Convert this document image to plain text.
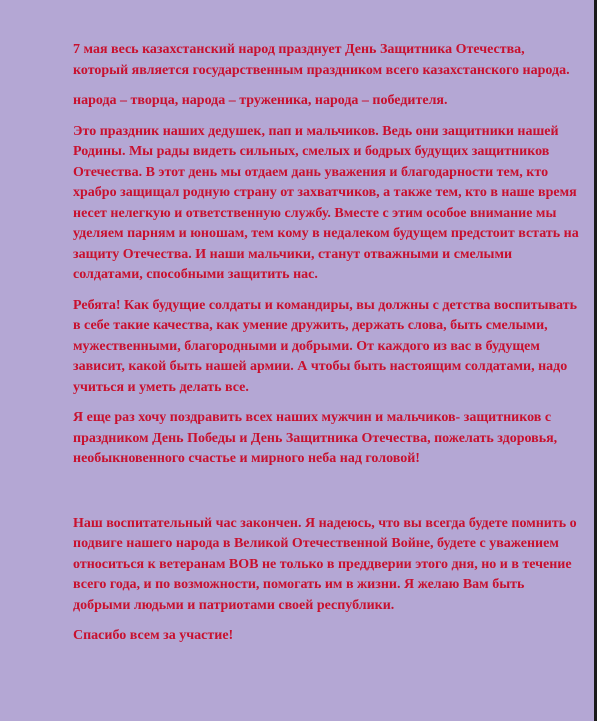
7 мая весь казахстанский народ празднует День Защитника Отечества, который является государственным праздником всего казахстанского народа.

народа – творца, народа – труженика, народа – победителя.

Это праздник наших дедушек, пап и мальчиков. Ведь они защитники нашей Родины. Мы рады видеть сильных, смелых и бодрых будущих защитников Отечества. В этот день мы отдаем дань уважения и благодарности тем, кто храбро защищал родную страну от захватчиков, а также тем, кто в наше время несет нелегкую и ответственную службу. Вместе с этим особое внимание мы уделяем парням и юношам, тем кому в недалеком будущем предстоит встать на защиту Отечества. И наши мальчики, станут отважными и смелыми солдатами, способными защитить нас.

Ребята! Как будущие солдаты и командиры, вы должны с детства воспитывать в себе такие качества, как умение дружить, держать слова, быть смелыми, мужественными, благородными и добрыми. От каждого из вас в будущем зависит, какой быть нашей армии. А чтобы быть настоящим солдатами, надо учиться и уметь делать все.

Я еще раз хочу поздравить всех наших мужчин и мальчиков- защитников с праздником День Победы и День Защитника Отечества, пожелать здоровья, необыкновенного счастье и мирного неба над головой!

Наш воспитательный час закончен. Я надеюсь, что вы всегда будете помнить о подвиге нашего народа в Великой Отечественной Войне, будете с уважением относиться к ветеранам ВОВ не только в преддверии этого дня, но и в течение всего года, и по возможности, помогать им в жизни. Я желаю Вам быть добрыми людьми и патриотами своей республики.

Спасибо всем за участие!
